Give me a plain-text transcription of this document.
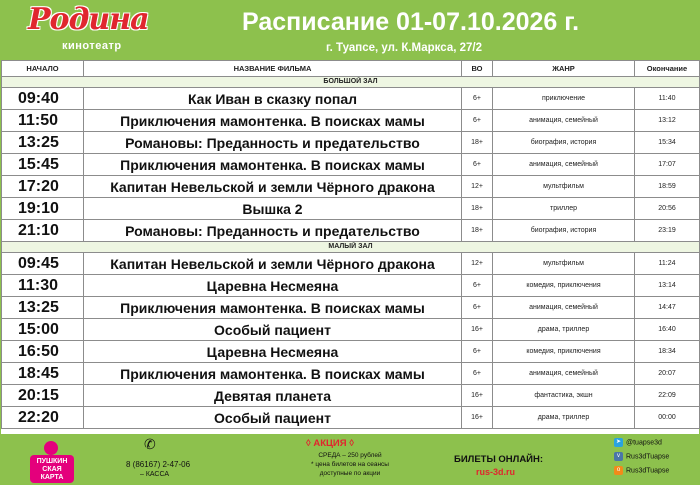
Родина
кинотеатр
Расписание 01-07.10.2026 г.
г. Туапсе, ул. К.Маркса, 27/2
НАЧАЛО	НАЗВАНИЕ ФИЛЬМА	ВО	ЖАНР	Окончание
БОЛЬШОЙ ЗАЛ				
09:40	Как Иван в сказку попал	6+	приключение	11:40
11:50	Приключения мамонтенка. В поисках мамы	6+	анимация, семейный	13:12
13:25	Романовы: Преданность и предательство	18+	биография, история	15:34
15:45	Приключения мамонтенка. В поисках мамы	6+	анимация, семейный	17:07
17:20	Капитан Невельской и земли Чёрного дракона	12+	мультфильм	18:59
19:10	Вышка 2	18+	триллер	20:56
21:10	Романовы: Преданность и предательство	18+	биография, история	23:19
МАЛЫЙ ЗАЛ				
09:45	Капитан Невельской и земли Чёрного дракона	12+	мультфильм	11:24
11:30	Царевна Несмеяна	6+	комедия, приключения	13:14
13:25	Приключения мамонтенка. В поисках мамы	6+	анимация, семейный	14:47
15:00	Особый пациент	16+	драма, триллер	16:40
16:50	Царевна Несмеяна	6+	комедия, приключения	18:34
18:45	Приключения мамонтенка. В поисках мамы	6+	анимация, семейный	20:07
20:15	Девятая планета	16+	фантастика, экшн	22:09
22:20	Особый пациент	16+	драма, триллер	00:00
ПУШКИН СКАЯ КАРТА
✆
8 (86167) 2-47-06
– КАССА
◊ АКЦИЯ ◊
СРЕДА – 250 рублей
* цена билетов на сеансы
доступные по акции
БИЛЕТЫ ОНЛАЙН:
rus-3d.ru
➤ @tuapse3d
v Rus3dTuapse
o Rus3dTuapse
